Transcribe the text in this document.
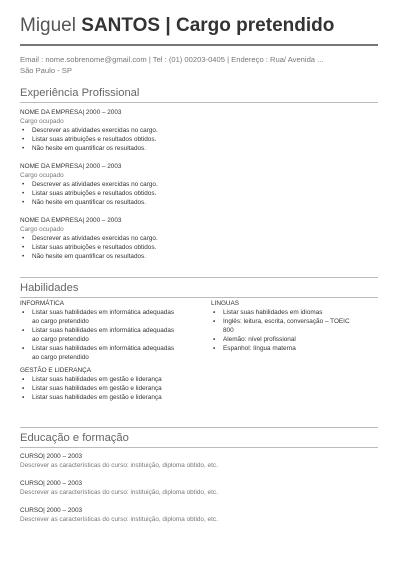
Miguel SANTOS | Cargo pretendido
Email : nome.sobrenome@gmail.com | Tel : (01) 00203-0405 | Endereço : Rua/ Avenida ...
São Paulo - SP
Experiência Profissional
NOME DA EMPRESA| 2000 – 2003
Cargo ocupado
• Descrever as atividades exercidas no cargo.
• Listar suas atribuições e resultados obtidos.
• Não hesite em quantificar os resultados.
NOME DA EMPRESA| 2000 – 2003
Cargo ocupado
• Descrever as atividades exercidas no cargo.
• Listar suas atribuições e resultados obtidos.
• Não hesite em quantificar os resultados.
NOME DA EMPRESA| 2000 – 2003
Cargo ocupado
• Descrever as atividades exercidas no cargo.
• Listar suas atribuições e resultados obtidos.
• Não hesite em quantificar os resultados.
Habilidades
INFORMÁTICA
▪ Listar suas habilidades em informática adequadas
ao cargo pretendido
▪ Listar suas habilidades em informática adequadas
ao cargo pretendido
▪ Listar suas habilidades em informática adequadas
ao cargo pretendido
GESTÃO E LIDERANÇA
▪ Listar suas habilidades em gestão e liderança
▪ Listar suas habilidades em gestão e liderança
▪ Listar suas habilidades em gestão e liderança
LINGUAS
▪ Listar suas habilidades em idiomas
▪ Inglês: leitura, escrita, conversação – TOEIC
800
▪ Alemão: nível profissional
▪ Espanhol: língua materna
Educação e formação
CURSO| 2000 – 2003
Descrever as características do curso: instituição, diploma obtido, etc.
CURSO| 2000 – 2003
Descrever as características do curso: instituição, diploma obtido, etc.
CURSO| 2000 – 2003
Descrever as características do curso: instituição, diploma obtido, etc.
